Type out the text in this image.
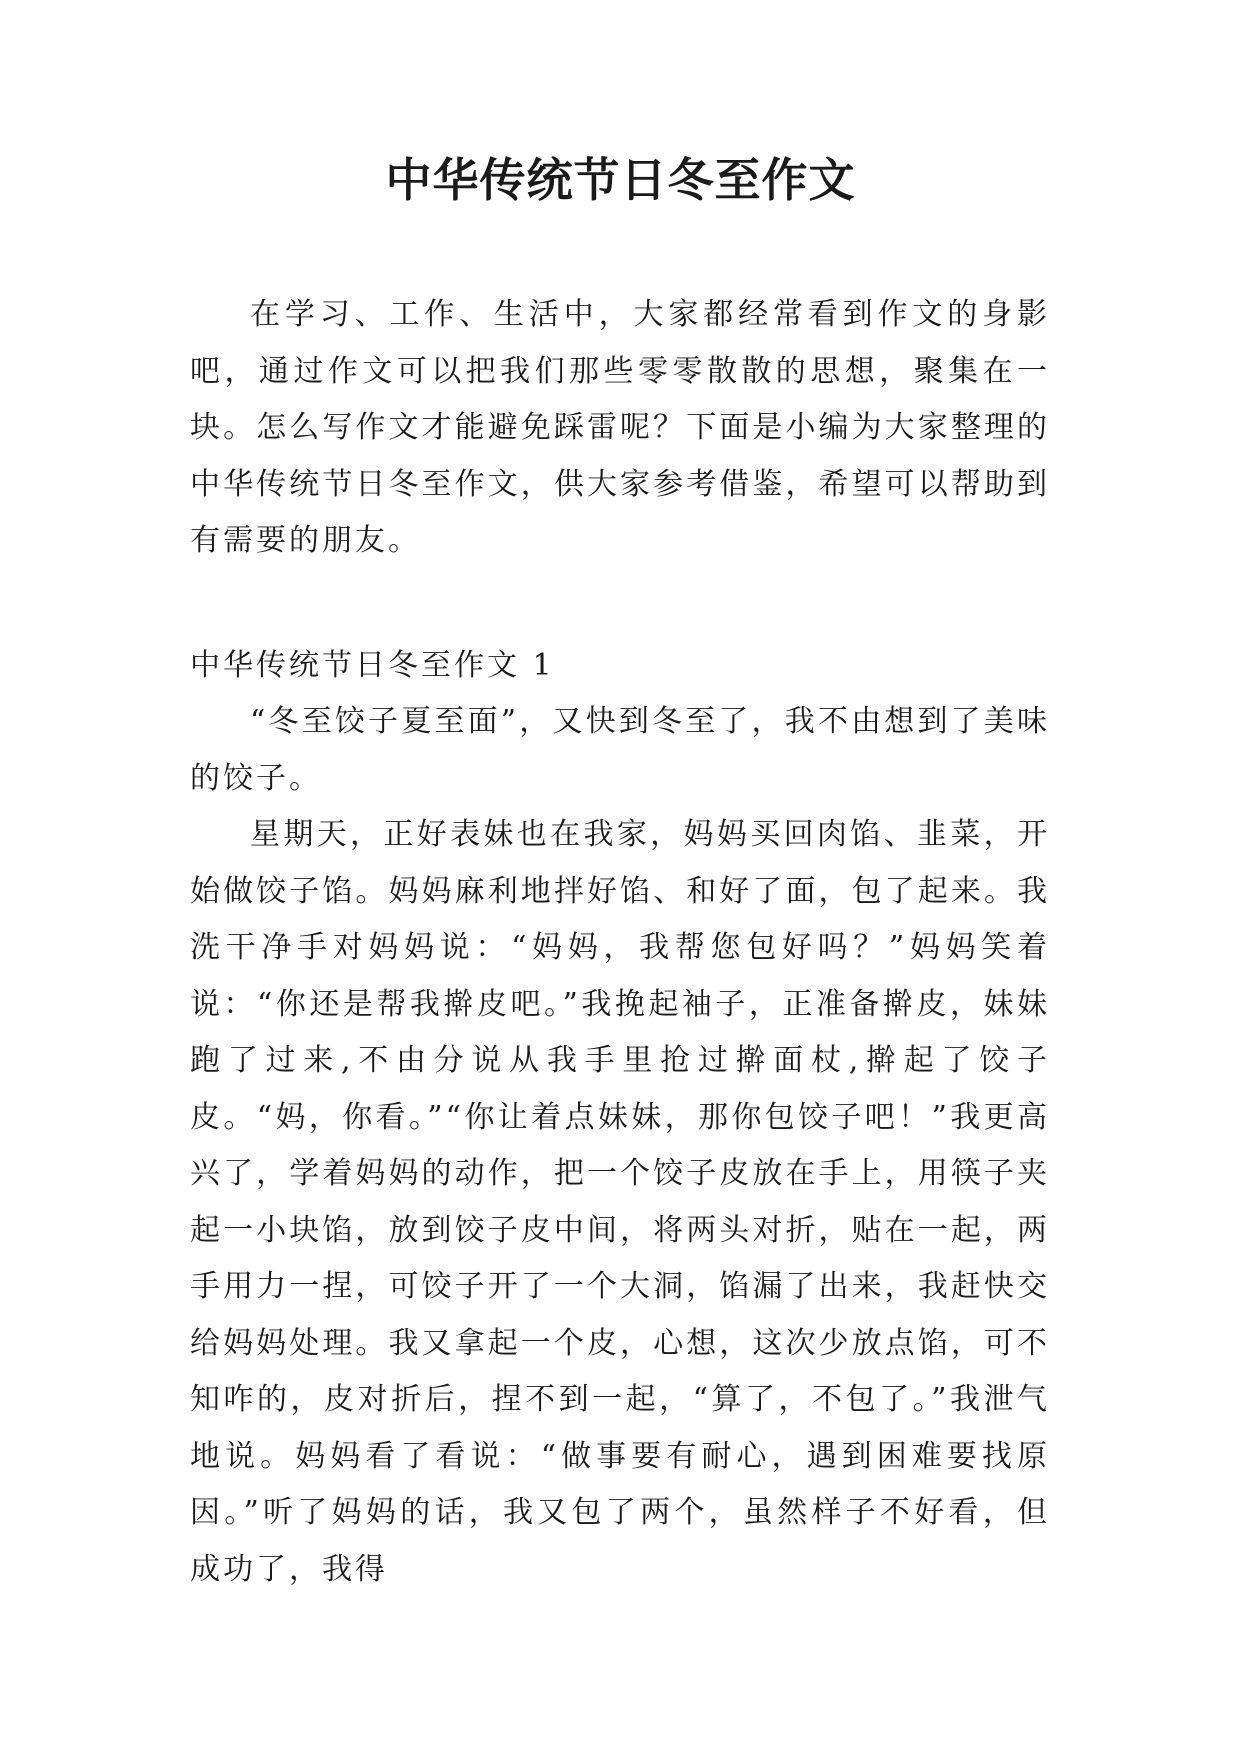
中华传统节日冬至作文

在学习、工作、生活中，大家都经常看到作文的身影吧，通过作文可以把我们那些零零散散的思想，聚集在一块。怎么写作文才能避免踩雷呢？下面是小编为大家整理的中华传统节日冬至作文，供大家参考借鉴，希望可以帮助到有需要的朋友。

中华传统节日冬至作文 1

“冬至饺子夏至面”，又快到冬至了，我不由想到了美味的饺子。

星期天，正好表妹也在我家，妈妈买回肉馅、韭菜，开始做饺子馅。妈妈麻利地拌好馅、和好了面，包了起来。我洗干净手对妈妈说：“妈妈，我帮您包好吗？”妈妈笑着说：“你还是帮我擀皮吧。”我挽起袖子，正准备擀皮，妹妹跑了过来,不由分说从我手里抢过擀面杖,擀起了饺子皮。“妈，你看。”“你让着点妹妹，那你包饺子吧！”我更高兴了，学着妈妈的动作，把一个饺子皮放在手上，用筷子夹起一小块馅，放到饺子皮中间，将两头对折，贴在一起，两手用力一捏，可饺子开了一个大洞，馅漏了出来，我赶快交给妈妈处理。我又拿起一个皮，心想，这次少放点馅，可不知咋的，皮对折后，捏不到一起，“算了，不包了。”我泄气地说。妈妈看了看说：“做事要有耐心，遇到困难要找原因。”听了妈妈的话，我又包了两个，虽然样子不好看，但成功了，我得
